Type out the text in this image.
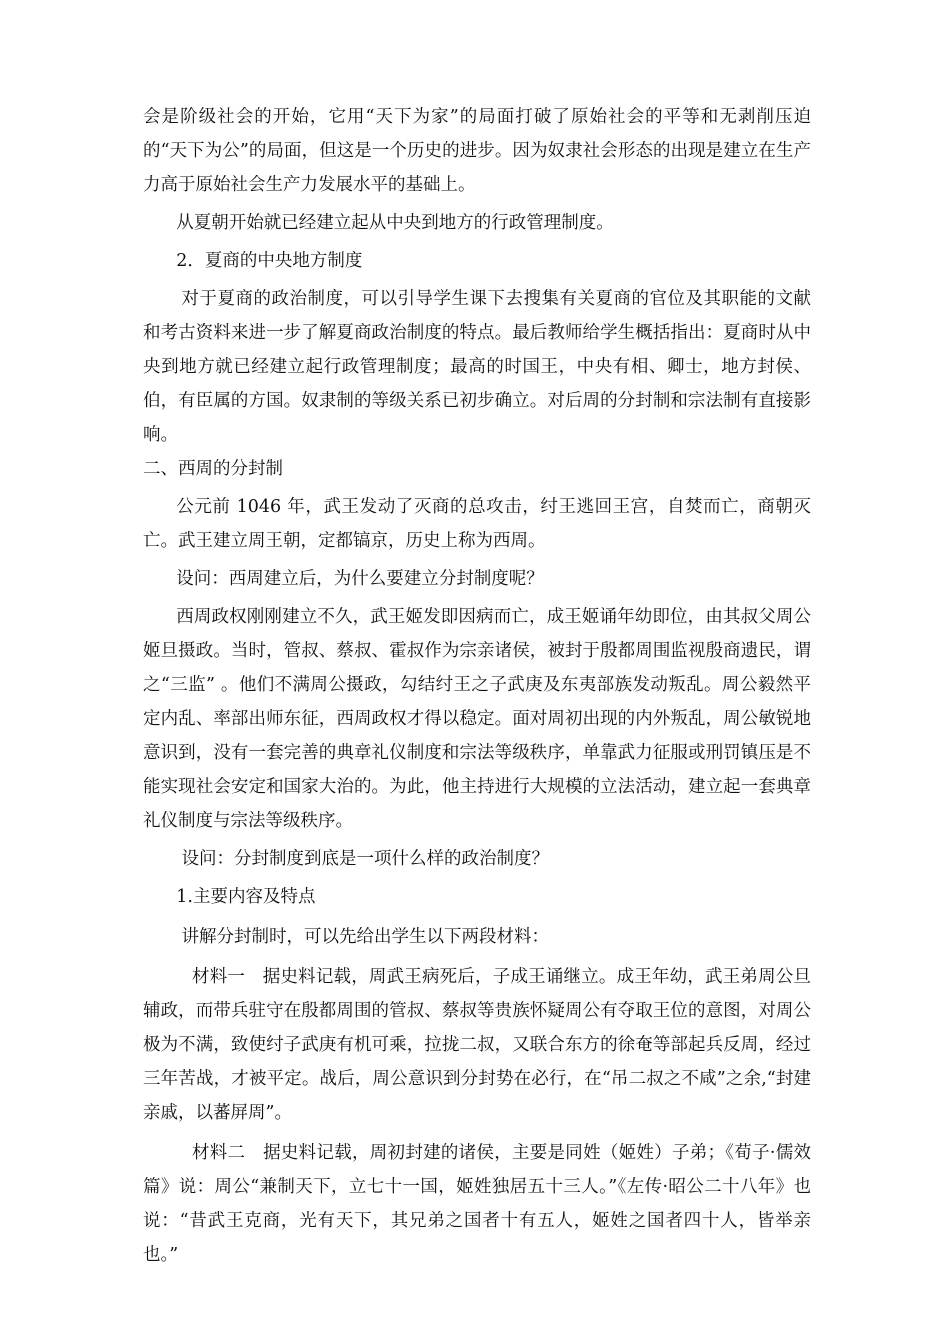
会是阶级社会的开始，它用“天下为家”的局面打破了原始社会的平等和无剥削压迫的“天下为公”的局面，但这是一个历史的进步。因为奴隶社会形态的出现是建立在生产力高于原始社会生产力发展水平的基础上。

从夏朝开始就已经建立起从中央到地方的行政管理制度。

2．夏商的中央地方制度

对于夏商的政治制度，可以引导学生课下去搜集有关夏商的官位及其职能的文献和考古资料来进一步了解夏商政治制度的特点。最后教师给学生概括指出：夏商时从中央到地方就已经建立起行政管理制度；最高的时国王，中央有相、卿士，地方封侯、伯，有臣属的方国。奴隶制的等级关系已初步确立。对后周的分封制和宗法制有直接影响。

二、西周的分封制

公元前 1046 年，武王发动了灭商的总攻击，纣王逃回王宫，自焚而亡，商朝灭亡。武王建立周王朝，定都镐京，历史上称为西周。

设问：西周建立后，为什么要建立分封制度呢？

西周政权刚刚建立不久，武王姬发即因病而亡，成王姬诵年幼即位，由其叔父周公姬旦摄政。当时，管叔、蔡叔、霍叔作为宗亲诸侯，被封于殷都周围监视殷商遗民，谓之“三监” 。他们不满周公摄政，勾结纣王之子武庚及东夷部族发动叛乱。周公毅然平定内乱、率部出师东征，西周政权才得以稳定。面对周初出现的内外叛乱，周公敏锐地意识到，没有一套完善的典章礼仪制度和宗法等级秩序，单靠武力征服或刑罚镇压是不能实现社会安定和国家大治的。为此，他主持进行大规模的立法活动，建立起一套典章礼仪制度与宗法等级秩序。

设问：分封制度到底是一项什么样的政治制度？

1.主要内容及特点

讲解分封制时，可以先给出学生以下两段材料：

材料一　据史料记载，周武王病死后，子成王诵继立。成王年幼，武王弟周公旦辅政，而带兵驻守在殷都周围的管叔、蔡叔等贵族怀疑周公有夺取王位的意图，对周公极为不满，致使纣子武庚有机可乘，拉拢二叔，又联合东方的徐奄等部起兵反周，经过三年苦战，才被平定。战后，周公意识到分封势在必行，在“吊二叔之不咸”之余,“封建亲戚，以蕃屏周”。

材料二　据史料记载，周初封建的诸侯，主要是同姓（姬姓）子弟；《荀子·儒效篇》说：周公“兼制天下，立七十一国，姬姓独居五十三人。”《左传·昭公二十八年》也说：“昔武王克商，光有天下，其兄弟之国者十有五人，姬姓之国者四十人，皆举亲也。”
